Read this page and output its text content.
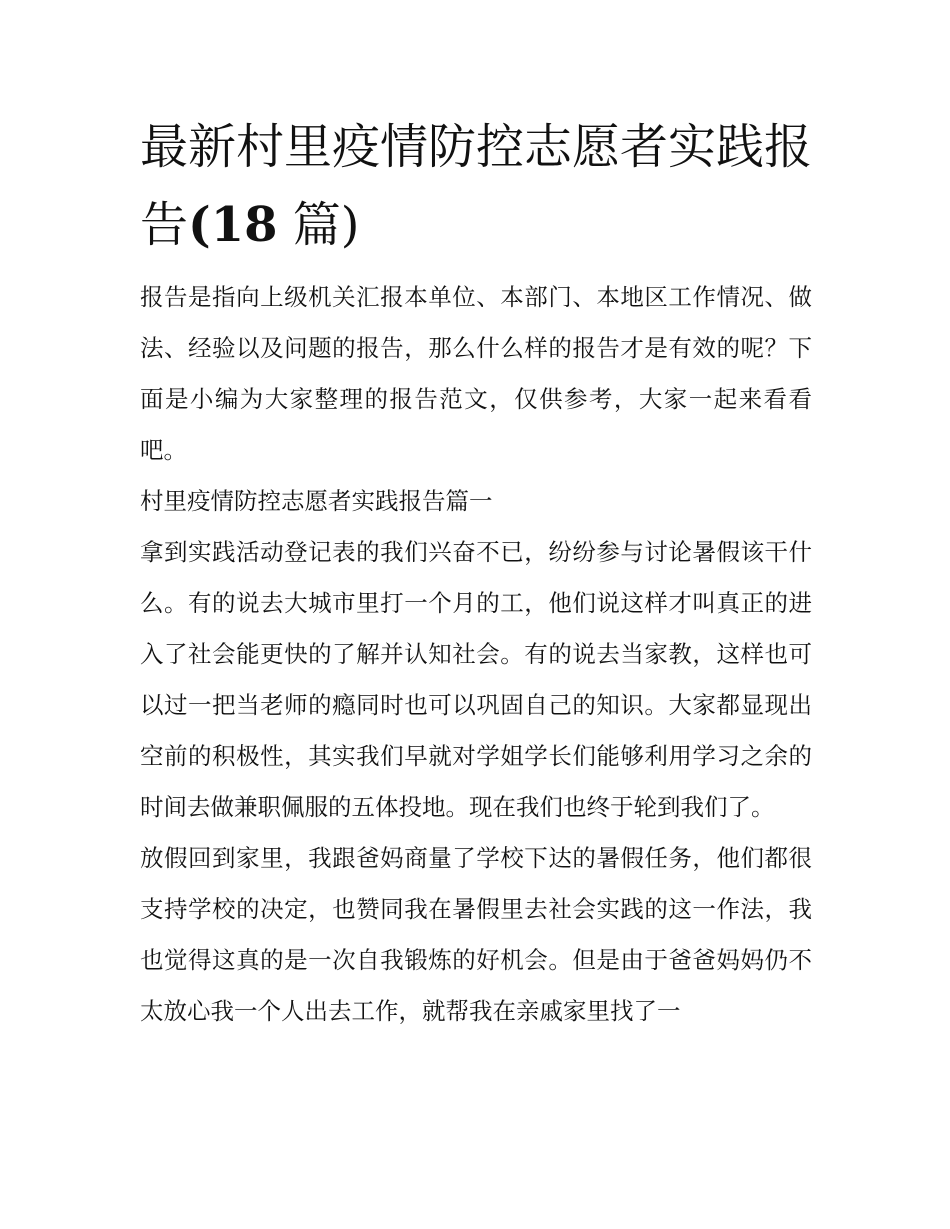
最新村里疫情防控志愿者实践报告(18 篇)

报告是指向上级机关汇报本单位、本部门、本地区工作情况、做法、经验以及问题的报告，那么什么样的报告才是有效的呢？下面是小编为大家整理的报告范文，仅供参考，大家一起来看看吧。

村里疫情防控志愿者实践报告篇一

拿到实践活动登记表的我们兴奋不已，纷纷参与讨论暑假该干什么。有的说去大城市里打一个月的工，他们说这样才叫真正的进入了社会能更快的了解并认知社会。有的说去当家教，这样也可以过一把当老师的瘾同时也可以巩固自己的知识。大家都显现出空前的积极性，其实我们早就对学姐学长们能够利用学习之余的时间去做兼职佩服的五体投地。现在我们也终于轮到我们了。

放假回到家里，我跟爸妈商量了学校下达的暑假任务，他们都很支持学校的决定，也赞同我在暑假里去社会实践的这一作法，我也觉得这真的是一次自我锻炼的好机会。但是由于爸爸妈妈仍不太放心我一个人出去工作，就帮我在亲戚家里找了一
